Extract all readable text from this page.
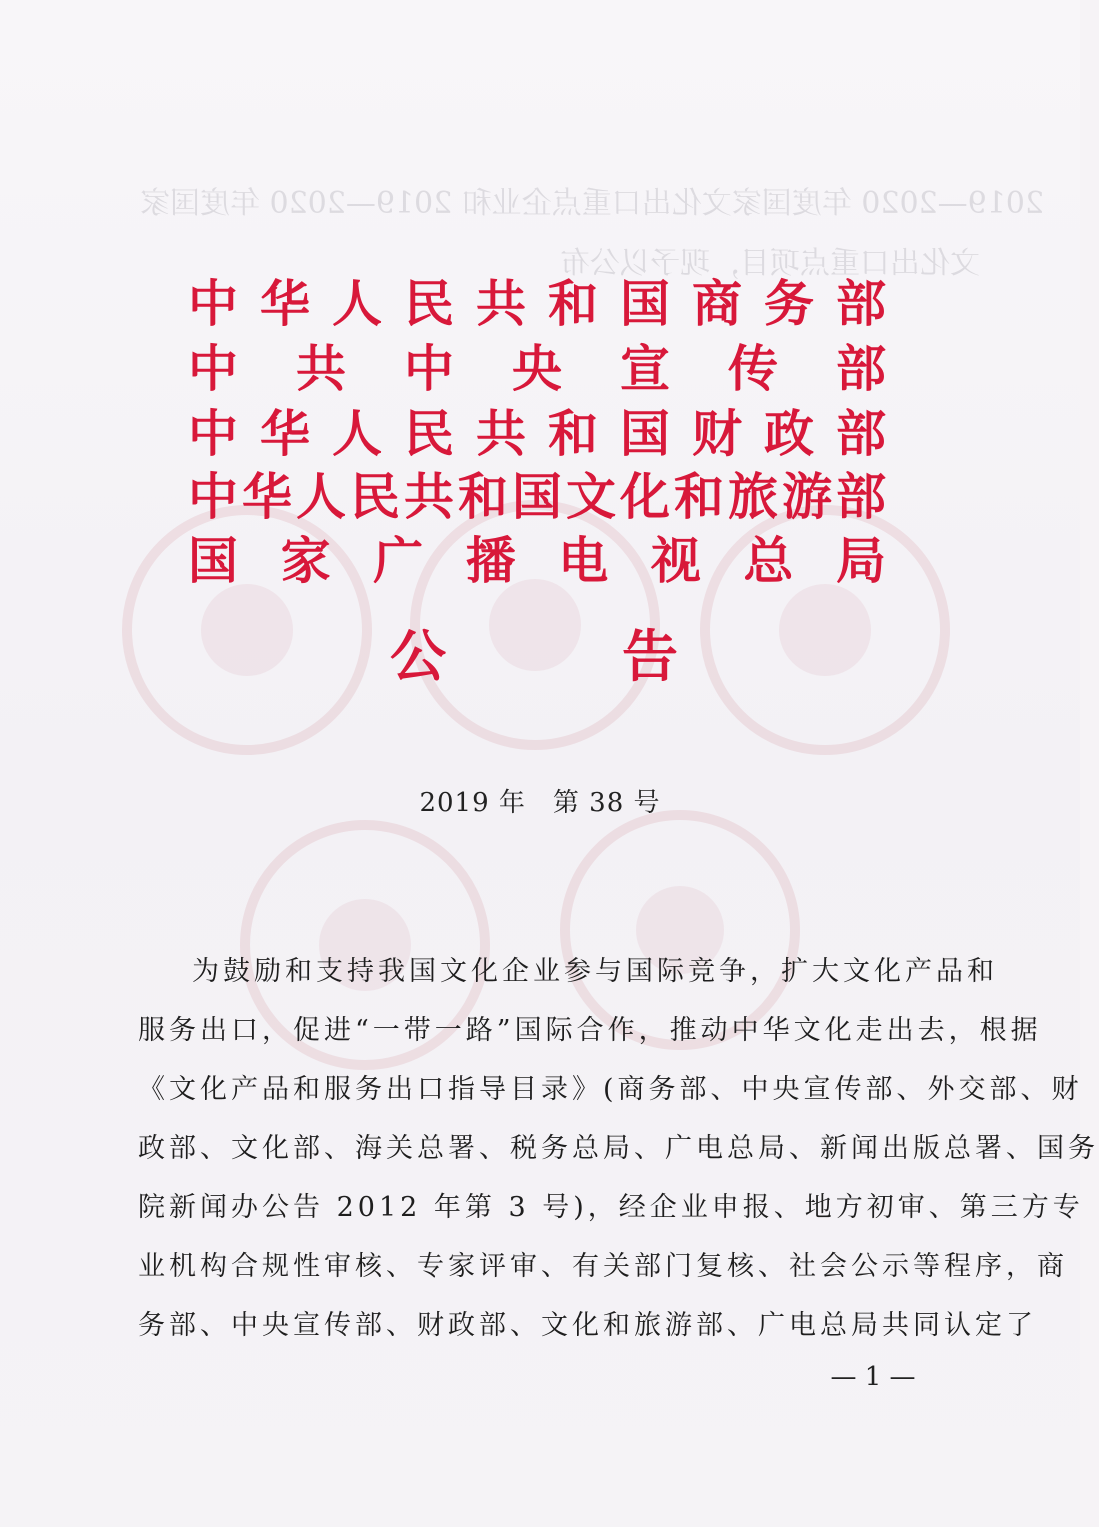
2019—2020 年度国家文化出口重点企业和 2019—2020 年度国家
文化出口重点项目，现予以公布
中 华 人 民 共 和 国 商 务 部
中 共 中 央 宣 传 部
中 华 人 民 共 和 国 财 政 部
中 华 人 民 共 和 国 文 化 和 旅 游 部
国 家 广 播 电 视 总 局
公	告
2019 年　第 38 号
为鼓励和支持我国文化企业参与国际竞争，扩大文化产品和
服务出口，促进“一带一路”国际合作，推动中华文化走出去，根据
《文化产品和服务出口指导目录》(商务部、中央宣传部、外交部、财
政部、文化部、海关总署、税务总局、广电总局、新闻出版总署、国务
院新闻办公告 2012 年第 3 号)，经企业申报、地方初审、第三方专
业机构合规性审核、专家评审、有关部门复核、社会公示等程序，商
务部、中央宣传部、财政部、文化和旅游部、广电总局共同认定了
— 1 —
